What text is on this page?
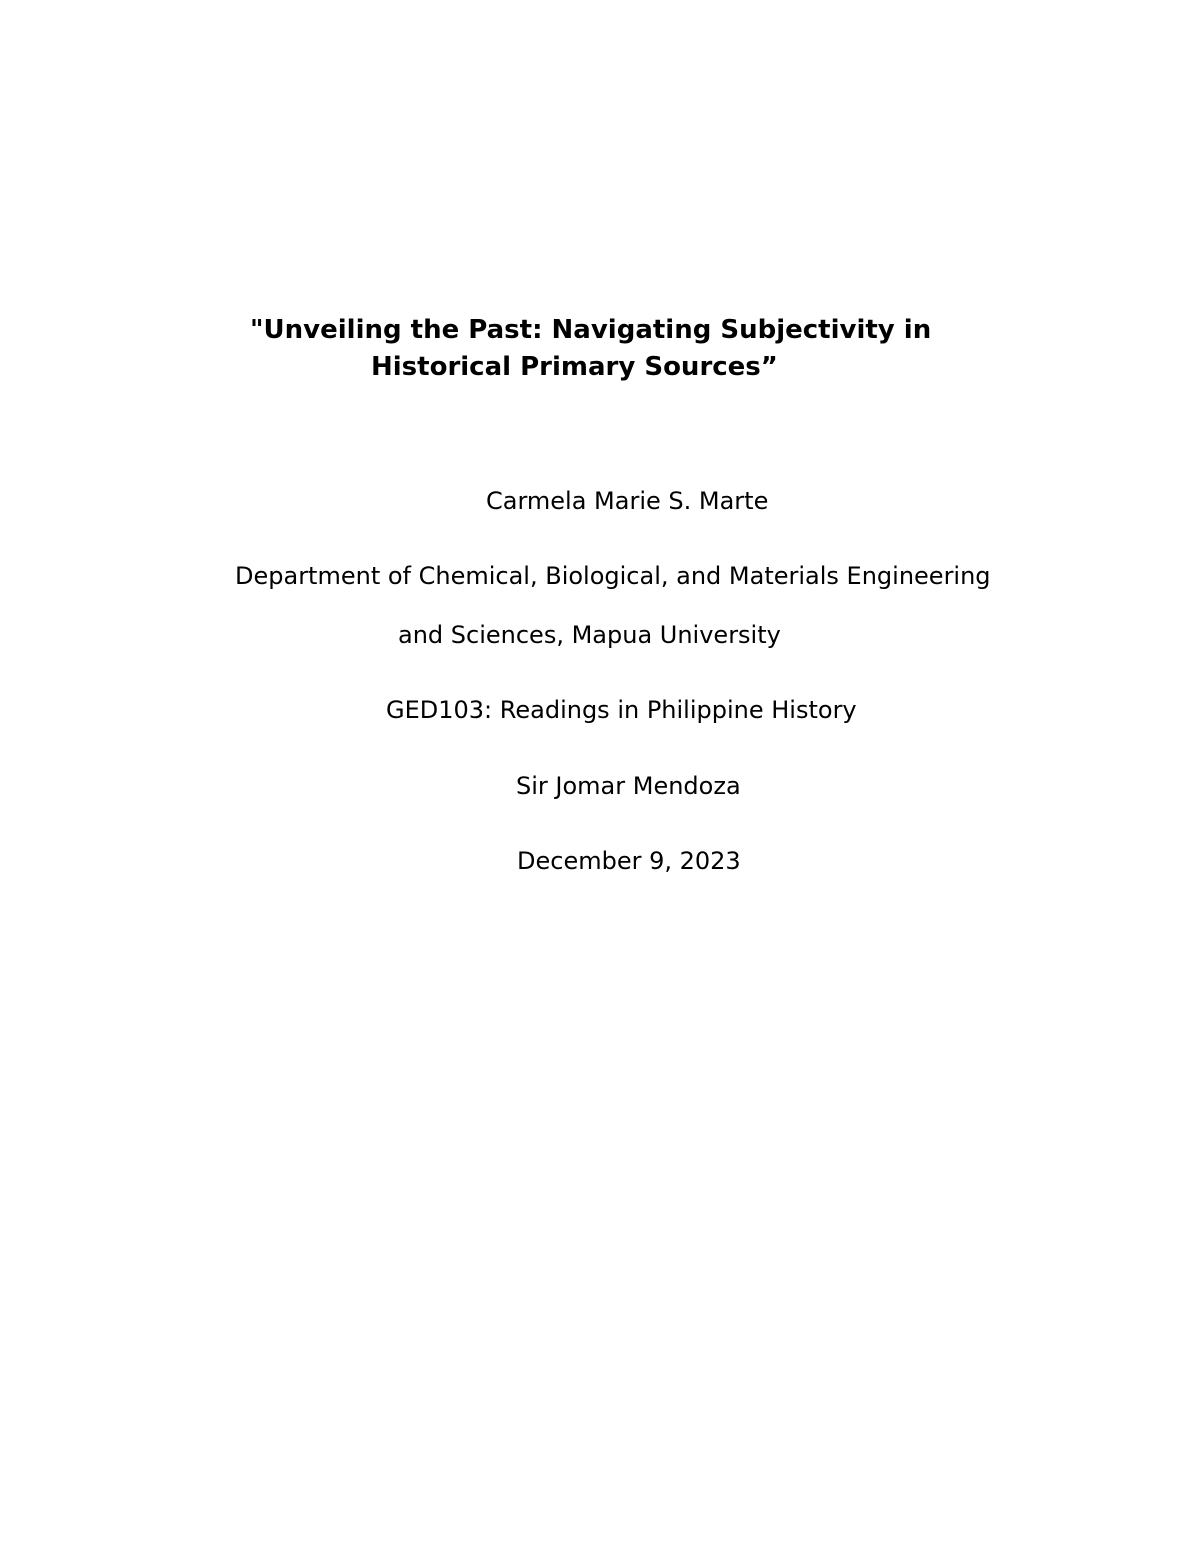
"Unveiling the Past: Navigating Subjectivity in
Historical Primary Sources”
Carmela Marie S. Marte
Department of Chemical, Biological, and Materials Engineering
and Sciences, Mapua University
GED103: Readings in Philippine History
Sir Jomar Mendoza
December 9, 2023
